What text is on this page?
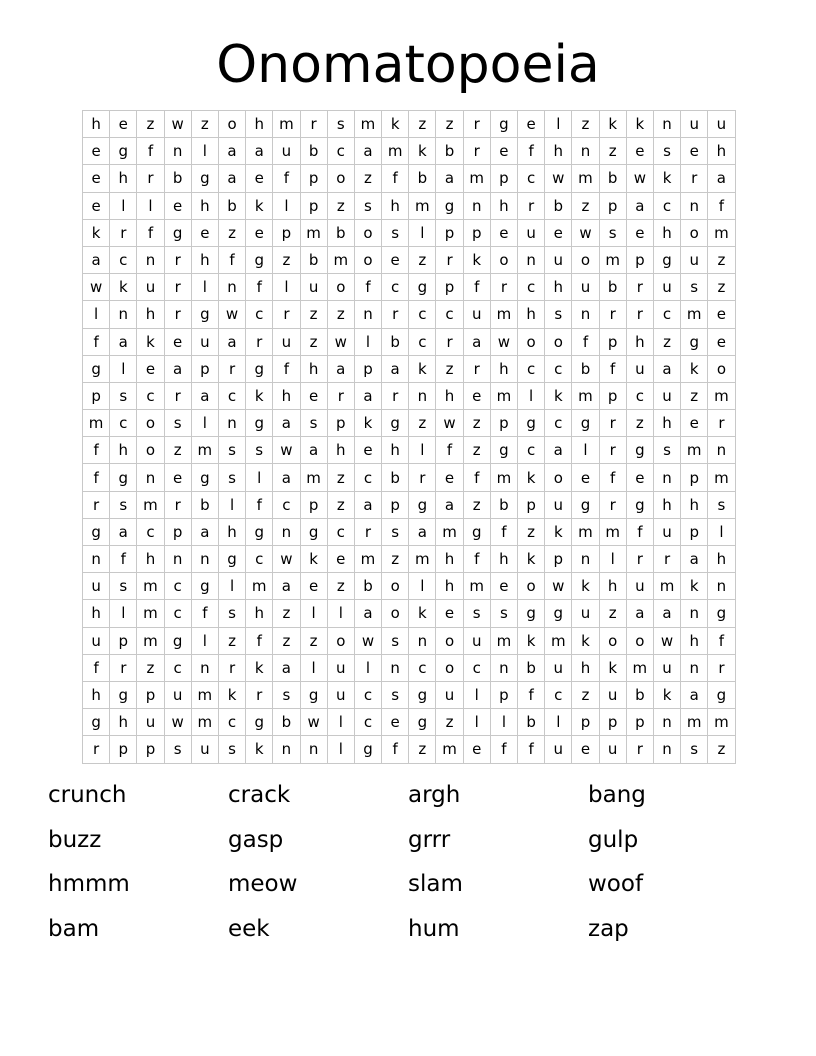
Onomatopoeia
h	e	z	w	z	o	h	m	r	s	m	k	z	z	r	g	e	l	z	k	k	n	u	u
e	g	f	n	l	a	a	u	b	c	a	m	k	b	r	e	f	h	n	z	e	s	e	h
e	h	r	b	g	a	e	f	p	o	z	f	b	a	m	p	c	w	m	b	w	k	r	a
e	l	l	e	h	b	k	l	p	z	s	h	m	g	n	h	r	b	z	p	a	c	n	f
k	r	f	g	e	z	e	p	m	b	o	s	l	p	p	e	u	e	w	s	e	h	o	m
a	c	n	r	h	f	g	z	b	m	o	e	z	r	k	o	n	u	o	m	p	g	u	z
w	k	u	r	l	n	f	l	u	o	f	c	g	p	f	r	c	h	u	b	r	u	s	z
l	n	h	r	g	w	c	r	z	z	n	r	c	c	u	m	h	s	n	r	r	c	m	e
f	a	k	e	u	a	r	u	z	w	l	b	c	r	a	w	o	o	f	p	h	z	g	e
g	l	e	a	p	r	g	f	h	a	p	a	k	z	r	h	c	c	b	f	u	a	k	o
p	s	c	r	a	c	k	h	e	r	a	r	n	h	e	m	l	k	m	p	c	u	z	m
m	c	o	s	l	n	g	a	s	p	k	g	z	w	z	p	g	c	g	r	z	h	e	r
f	h	o	z	m	s	s	w	a	h	e	h	l	f	z	g	c	a	l	r	g	s	m	n
f	g	n	e	g	s	l	a	m	z	c	b	r	e	f	m	k	o	e	f	e	n	p	m
r	s	m	r	b	l	f	c	p	z	a	p	g	a	z	b	p	u	g	r	g	h	h	s
g	a	c	p	a	h	g	n	g	c	r	s	a	m	g	f	z	k	m	m	f	u	p	l
n	f	h	n	n	g	c	w	k	e	m	z	m	h	f	h	k	p	n	l	r	r	a	h
u	s	m	c	g	l	m	a	e	z	b	o	l	h	m	e	o	w	k	h	u	m	k	n
h	l	m	c	f	s	h	z	l	l	a	o	k	e	s	s	g	g	u	z	a	a	n	g
u	p	m	g	l	z	f	z	z	o	w	s	n	o	u	m	k	m	k	o	o	w	h	f
f	r	z	c	n	r	k	a	l	u	l	n	c	o	c	n	b	u	h	k	m	u	n	r
h	g	p	u	m	k	r	s	g	u	c	s	g	u	l	p	f	c	z	u	b	k	a	g
g	h	u	w	m	c	g	b	w	l	c	e	g	z	l	l	b	l	p	p	p	n	m	m
r	p	p	s	u	s	k	n	n	l	g	f	z	m	e	f	f	u	e	u	r	n	s	z
crunch	crack	argh	bang
buzz	gasp	grrr	gulp
hmmm	meow	slam	woof
bam	eek	hum	zap
